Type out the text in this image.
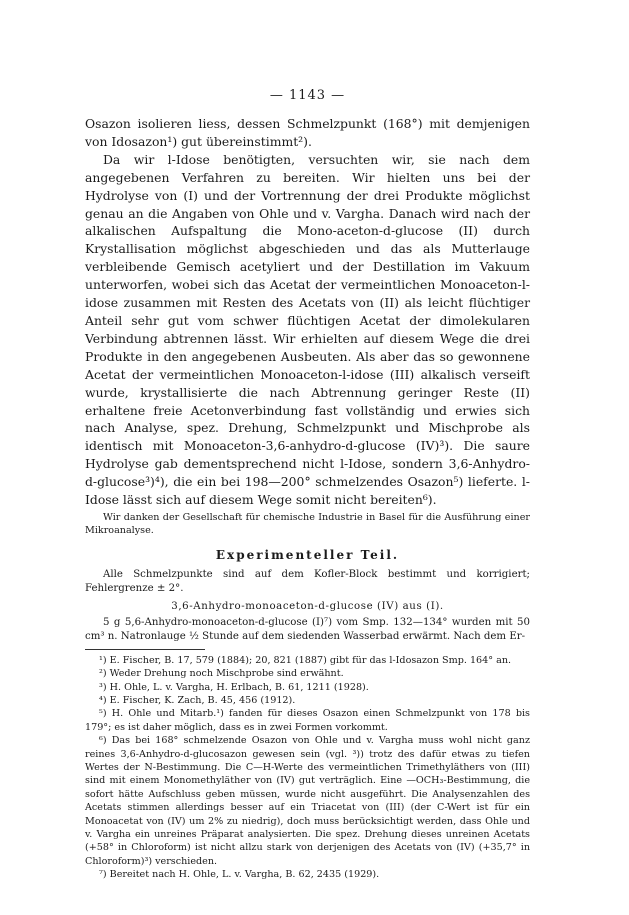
— 1143 —

Osazon isolieren liess, dessen Schmelzpunkt (168°) mit demjenigen von Idosazon¹) gut übereinstimmt²).

Da wir l-Idose benötigten, versuchten wir, sie nach dem angegebenen Verfahren zu bereiten. Wir hielten uns bei der Hydrolyse von (I) und der Vortrennung der drei Produkte möglichst genau an die Angaben von Ohle und v. Vargha. Danach wird nach der alkalischen Aufspaltung die Mono-aceton-d-glucose (II) durch Krystallisation möglichst abgeschieden und das als Mutterlauge verbleibende Gemisch acetyliert und der Destillation im Vakuum unterworfen, wobei sich das Acetat der vermeintlichen Monoaceton-l-idose zusammen mit Resten des Acetats von (II) als leicht flüchtiger Anteil sehr gut vom schwer flüchtigen Acetat der dimolekularen Verbindung abtrennen lässt. Wir erhielten auf diesem Wege die drei Produkte in den angegebenen Ausbeuten. Als aber das so gewonnene Acetat der vermeintlichen Monoaceton-l-idose (III) alkalisch verseift wurde, krystallisierte die nach Abtrennung geringer Reste (II) erhaltene freie Acetonverbindung fast vollständig und erwies sich nach Analyse, spez. Drehung, Schmelzpunkt und Mischprobe als identisch mit Monoaceton-3,6-anhydro-d-glucose (IV)³). Die saure Hydrolyse gab dementsprechend nicht l-Idose, sondern 3,6-Anhydro-d-glucose³)⁴), die ein bei 198—200° schmelzendes Osazon⁵) lieferte. l-Idose lässt sich auf diesem Wege somit nicht bereiten⁶).

Wir danken der Gesellschaft für chemische Industrie in Basel für die Ausführung einer Mikroanalyse.

Experimenteller Teil.

Alle Schmelzpunkte sind auf dem Kofler-Block bestimmt und korrigiert; Fehlergrenze ± 2°.

3,6-Anhydro-monoaceton-d-glucose (IV) aus (I).

5 g 5,6-Anhydro-monoaceton-d-glucose (I)⁷) vom Smp. 132—134° wurden mit 50 cm³ n. Natronlauge ½ Stunde auf dem siedenden Wasserbad erwärmt. Nach dem Er-

¹) E. Fischer, B. 17, 579 (1884); 20, 821 (1887) gibt für das l-Idosazon Smp. 164° an.

²) Weder Drehung noch Mischprobe sind erwähnt.

³) H. Ohle, L. v. Vargha, H. Erlbach, B. 61, 1211 (1928).

⁴) E. Fischer, K. Zach, B. 45, 456 (1912).

⁵) H. Ohle und Mitarb.¹) fanden für dieses Osazon einen Schmelzpunkt von 178 bis 179°; es ist daher möglich, dass es in zwei Formen vorkommt.

⁶) Das bei 168° schmelzende Osazon von Ohle und v. Vargha muss wohl nicht ganz reines 3,6-Anhydro-d-glucosazon gewesen sein (vgl. ³)) trotz des dafür etwas zu tiefen Wertes der N-Bestimmung. Die C—H-Werte des vermeintlichen Trimethyläthers von (III) sind mit einem Monomethyläther von (IV) gut verträglich. Eine —OCH₃-Bestimmung, die sofort hätte Aufschluss geben müssen, wurde nicht ausgeführt. Die Analysenzahlen des Acetats stimmen allerdings besser auf ein Triacetat von (III) (der C-Wert ist für ein Monoacetat von (IV) um 2% zu niedrig), doch muss berücksichtigt werden, dass Ohle und v. Vargha ein unreines Präparat analysierten. Die spez. Drehung dieses unreinen Acetats (+58° in Chloroform) ist nicht allzu stark von derjenigen des Acetats von (IV) (+35,7° in Chloroform)³) verschieden.

⁷) Bereitet nach H. Ohle, L. v. Vargha, B. 62, 2435 (1929).
